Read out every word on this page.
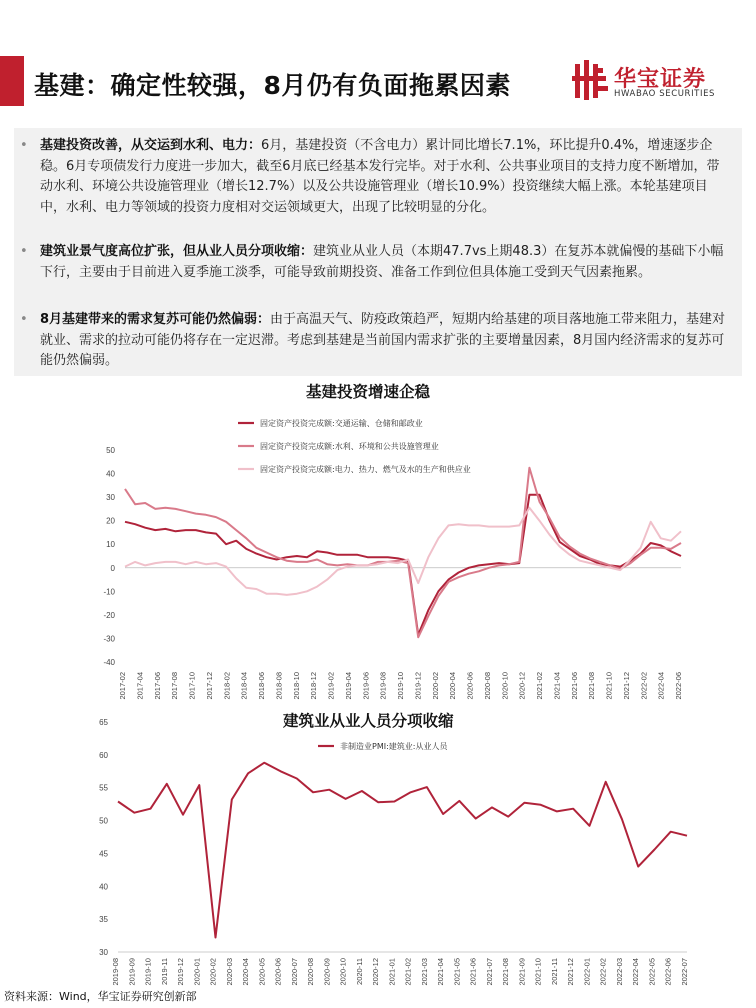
基建：确定性较强，8月仍有负面拖累因素	华宝证券
HWABAO SECURITIES
• 基建投资改善，从交运到水利、电力：6月，基建投资（不含电力）累计同比增长7.1%，环比提升0.4%，增速逐步企稳。6月专项债发行力度进一步加大，截至6月底已经基本发行完毕。对于水利、公共事业项目的支持力度不断增加，带动水利、环境公共设施管理业（增长12.7%）以及公共设施管理业（增长10.9%）投资继续大幅上涨。本轮基建项目中，水利、电力等领域的投资力度相对交运领域更大，出现了比较明显的分化。
• 建筑业景气度高位扩张，但从业人员分项收缩：建筑业从业人员（本期47.7vs上期48.3）在复苏本就偏慢的基础下小幅下行，主要由于目前进入夏季施工淡季，可能导致前期投资、准备工作到位但具体施工受到天气因素拖累。
• 8月基建带来的需求复苏可能仍然偏弱：由于高温天气、防疫政策趋严，短期内给基建的项目落地施工带来阻力，基建对就业、需求的拉动可能仍将存在一定迟滞。考虑到基建是当前国内需求扩张的主要增量因素，8月国内经济需求的复苏可能仍然偏弱。
基建投资增速企稳
-40
-30
-20
-10
0
10
20
30
40
50
2017-02 2017-04 2017-06 2017-08 2017-10 2017-12 2018-02 2018-04 2018-06 2018-08 2018-10 2018-12 2019-02 2019-04 2019-06 2019-08 2019-10 2019-12 2020-02 2020-04 2020-06 2020-08 2020-10 2020-12 2021-02 2021-04 2021-06 2021-08 2021-10 2021-12 2022-02 2022-04 2022-06
固定资产投资完成额:交通运输、仓储和邮政业
固定资产投资完成额:水利、环境和公共设施管理业
固定资产投资完成额:电力、热力、燃气及水的生产和供应业
建筑业从业人员分项收缩
30
35
40
45
50
55
60
65
2019-08 2019-09 2019-10 2019-11 2019-12 2020-01 2020-02 2020-03 2020-04 2020-05 2020-06 2020-07 2020-08 2020-09 2020-10 2020-11 2020-12 2021-01 2021-02 2021-03 2021-04 2021-05 2021-06 2021-07 2021-08 2021-09 2021-10 2021-11 2021-12 2022-01 2022-02 2022-03 2022-04 2022-05 2022-06 2022-07
非制造业PMI:建筑业:从业人员
资料来源：Wind，华宝证券研究创新部
